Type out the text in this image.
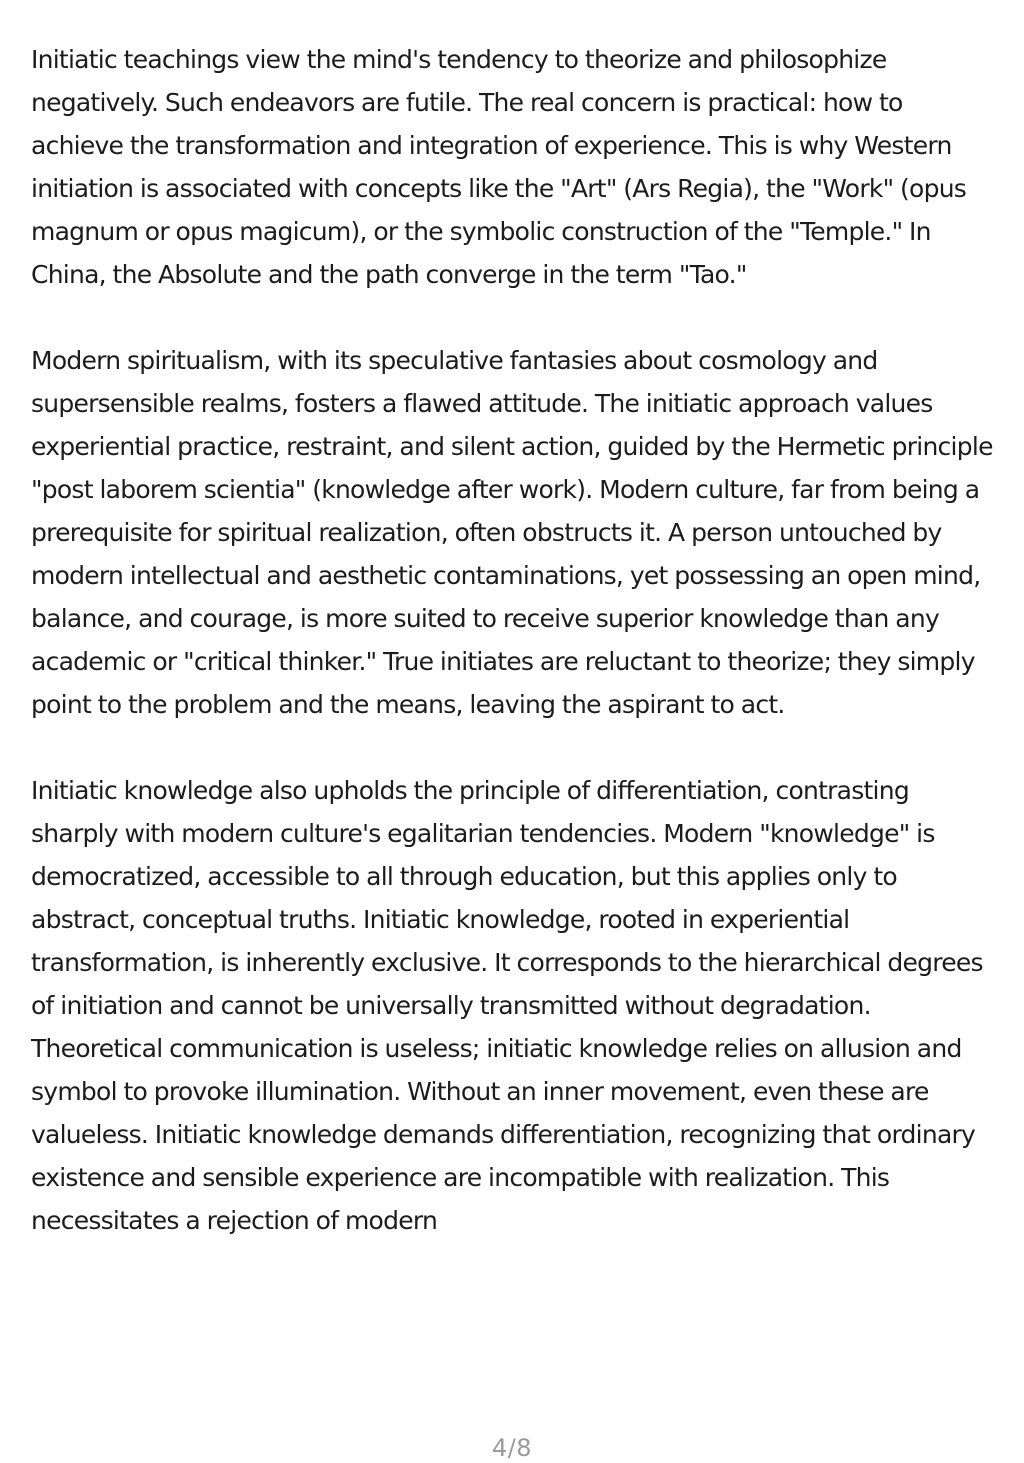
Initiatic teachings view the mind's tendency to theorize and philosophize negatively. Such endeavors are futile. The real concern is practical: how to achieve the transformation and integration of experience. This is why Western initiation is associated with concepts like the "Art" (Ars Regia), the "Work" (opus magnum or opus magicum), or the symbolic construction of the "Temple." In China, the Absolute and the path converge in the term "Tao."

Modern spiritualism, with its speculative fantasies about cosmology and supersensible realms, fosters a flawed attitude. The initiatic approach values experiential practice, restraint, and silent action, guided by the Hermetic principle "post laborem scientia" (knowledge after work). Modern culture, far from being a prerequisite for spiritual realization, often obstructs it. A person untouched by modern intellectual and aesthetic contaminations, yet possessing an open mind, balance, and courage, is more suited to receive superior knowledge than any academic or "critical thinker." True initiates are reluctant to theorize; they simply point to the problem and the means, leaving the aspirant to act.

Initiatic knowledge also upholds the principle of differentiation, contrasting sharply with modern culture's egalitarian tendencies. Modern "knowledge" is democratized, accessible to all through education, but this applies only to abstract, conceptual truths. Initiatic knowledge, rooted in experiential transformation, is inherently exclusive. It corresponds to the hierarchical degrees of initiation and cannot be universally transmitted without degradation. Theoretical communication is useless; initiatic knowledge relies on allusion and symbol to provoke illumination. Without an inner movement, even these are valueless. Initiatic knowledge demands differentiation, recognizing that ordinary existence and sensible experience are incompatible with realization. This necessitates a rejection of modern

4/8
